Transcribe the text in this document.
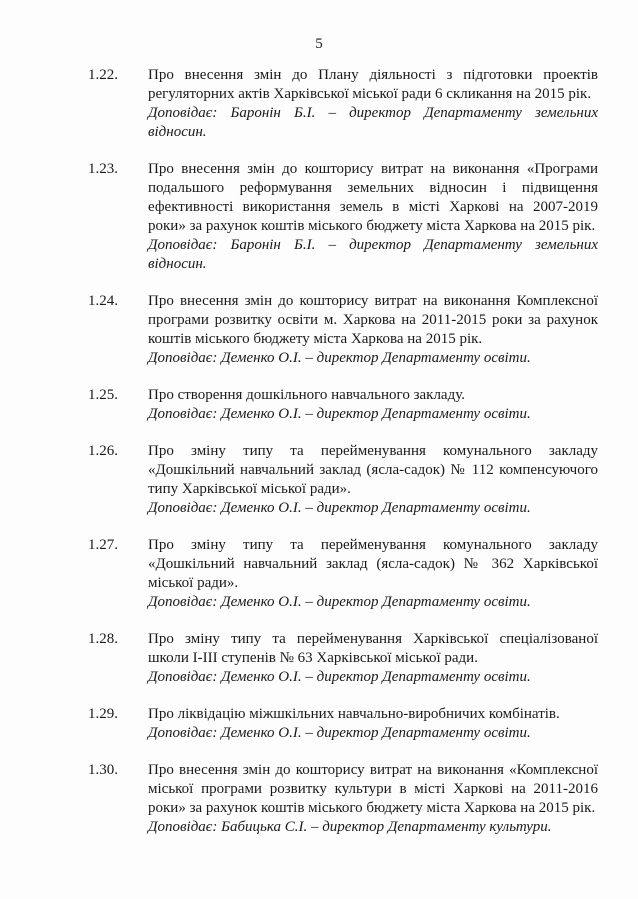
5
1.22. Про внесення змін до Плану діяльності з підготовки проектів регуляторних актів Харківської міської ради 6 скликання на 2015 рік.
Доповідає: Баронін Б.І. – директор Департаменту земельних відносин.
1.23. Про внесення змін до кошторису витрат на виконання «Програми подальшого реформування земельних відносин і підвищення ефективності використання земель в місті Харкові на 2007-2019 роки» за рахунок коштів міського бюджету міста Харкова на 2015 рік.
Доповідає: Баронін Б.І. – директор Департаменту земельних відносин.
1.24. Про внесення змін до кошторису витрат на виконання Комплексної програми розвитку освіти м. Харкова на 2011-2015 роки за рахунок коштів міського бюджету міста Харкова на 2015 рік.
Доповідає: Деменко О.І. – директор Департаменту освіти.
1.25. Про створення дошкільного навчального закладу.
Доповідає: Деменко О.І. – директор Департаменту освіти.
1.26. Про зміну типу та перейменування комунального закладу «Дошкільний навчальний заклад (ясла-садок) № 112 компенсуючого типу Харківської міської ради».
Доповідає: Деменко О.І. – директор Департаменту освіти.
1.27. Про зміну типу та перейменування комунального закладу «Дошкільний навчальний заклад (ясла-садок) № 362 Харківської міської ради».
Доповідає: Деменко О.І. – директор Департаменту освіти.
1.28. Про зміну типу та перейменування Харківської спеціалізованої школи І-ІІІ ступенів № 63 Харківської міської ради.
Доповідає: Деменко О.І. – директор Департаменту освіти.
1.29. Про ліквідацію міжшкільних навчально-виробничих комбінатів.
Доповідає: Деменко О.І. – директор Департаменту освіти.
1.30. Про внесення змін до кошторису витрат на виконання «Комплексної міської програми розвитку культури в місті Харкові на 2011-2016 роки» за рахунок коштів міського бюджету міста Харкова на 2015 рік.
Доповідає: Бабицька С.І. – директор Департаменту культури.
